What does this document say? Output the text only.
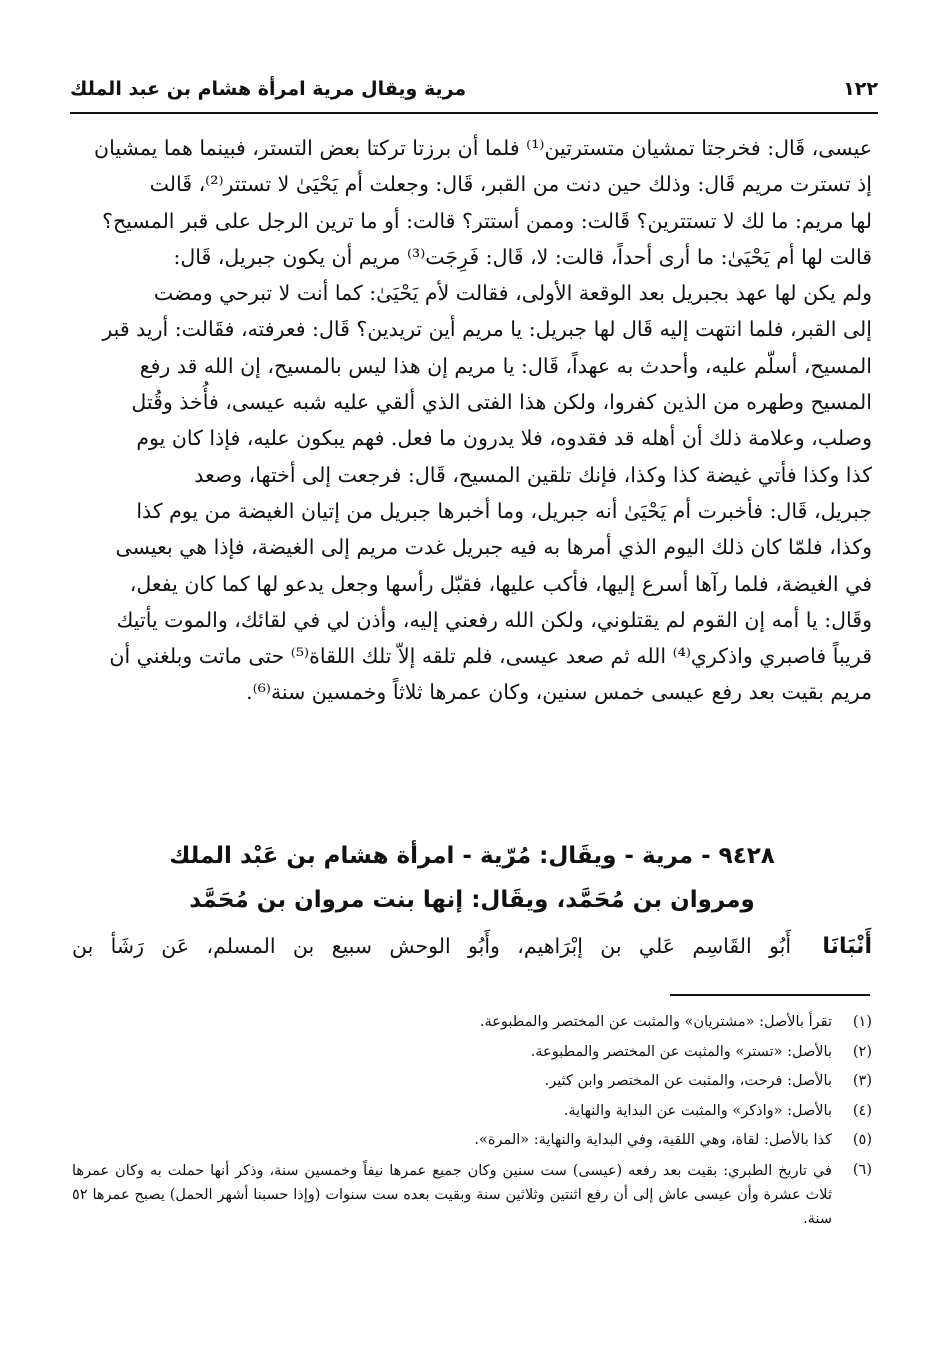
١٢٢
مرية ويقال مرية امرأة هشام بن عبد الملك

عيسى، قَال: فخرجتا تمشيان متسترتين⁽¹⁾ فلما أن برزتا تركتا بعض التستر، فبينما هما يمشيان

إذ تسترت مريم قَال: وذلك حين دنت من القبر، قَال: وجعلت أم يَحْيَىٰ لا تستتر⁽²⁾، قَالت

لها مريم: ما لك لا تستترين؟ قَالت: وممن أستتر؟ قالت: أو ما ترين الرجل على قبر المسيح؟

قالت لها أم يَحْيَىٰ: ما أرى أحداً، قالت: لا، قَال: فَرِجَت⁽³⁾ مريم أن يكون جبريل، قَال:

ولم يكن لها عهد بجبريل بعد الوقعة الأولى، فقالت لأم يَحْيَىٰ: كما أنت لا تبرحي ومضت

إلى القبر، فلما انتهت إليه قَال لها جبريل: يا مريم أين تريدين؟ قَال: فعرفته، فقَالت: أريد قبر

المسيح، أسلّم عليه، وأحدث به عهداً، قَال: يا مريم إن هذا ليس بالمسيح، إن الله قد رفع

المسيح وطهره من الذين كفروا، ولكن هذا الفتى الذي ألقي عليه شبه عيسى، فأُخذ وقُتل

وصلب، وعلامة ذلك أن أهله قد فقدوه، فلا يدرون ما فعل. فهم يبكون عليه، فإذا كان يوم

كذا وكذا فأتي غيضة كذا وكذا، فإنك تلقين المسيح، قَال: فرجعت إلى أختها، وصعد

جبريل، قَال: فأخبرت أم يَحْيَىٰ أنه جبريل، وما أخبرها جبريل من إتيان الغيضة من يوم كذا

وكذا، فلمّا كان ذلك اليوم الذي أمرها به فيه جبريل غدت مريم إلى الغيضة، فإذا هي بعيسى

في الغيضة، فلما رآها أسرع إليها، فأكب عليها، فقبّل رأسها وجعل يدعو لها كما كان يفعل،

وقَال: يا أمه إن القوم لم يقتلوني، ولكن الله رفعني إليه، وأذن لي في لقائك، والموت يأتيك

قريباً فاصبري واذكري⁽⁴⁾ الله ثم صعد عيسى، فلم تلقه إلاّ تلك اللقاة⁽⁵⁾ حتى ماتت وبلغني أن

مريم بقيت بعد رفع عيسى خمس سنين، وكان عمرها ثلاثاً وخمسين سنة⁽⁶⁾.

٩٤٢٨ - مرية - ويقَال: مُرّية - امرأة هشام بن عَبْد الملك
ومروان بن مُحَمَّد، ويقَال: إنها بنت مروان بن مُحَمَّد
أَنْبَانَا أَبُو القَاسِم عَلي بن إبْرَاهيم، وأَبُو الوحش سبيع بن المسلم، عَن رَشَأ بن
(١)
تقرأ بالأصل: «مشتريان» والمثبت عن المختصر والمطبوعة.
(٢)
بالأصل: «تستر» والمثبت عن المختصر والمطبوعة.
(٣)
بالأصل: فرحت، والمثبت عن المختصر وابن كثير.
(٤)
بالأصل: «واذكر» والمثبت عن البداية والنهاية.
(٥)
كذا بالأصل: لقاة، وهي اللقية، وفي البداية والنهاية: «المرة».
(٦)
في تاريخ الطبري: بقيت بعد رفعه (عيسى) ست سنين وكان جميع عمرها نيفاً وخمسين سنة، وذكر أنها حملت به وكان عمرها ثلاث عشرة وأن عيسى عاش إلى أن رفع اثنتين وثلاثين سنة وبقيت بعده ست سنوات (وإذا حسبنا أشهر الحمل) يصبح عمرها ٥٢ سنة.
